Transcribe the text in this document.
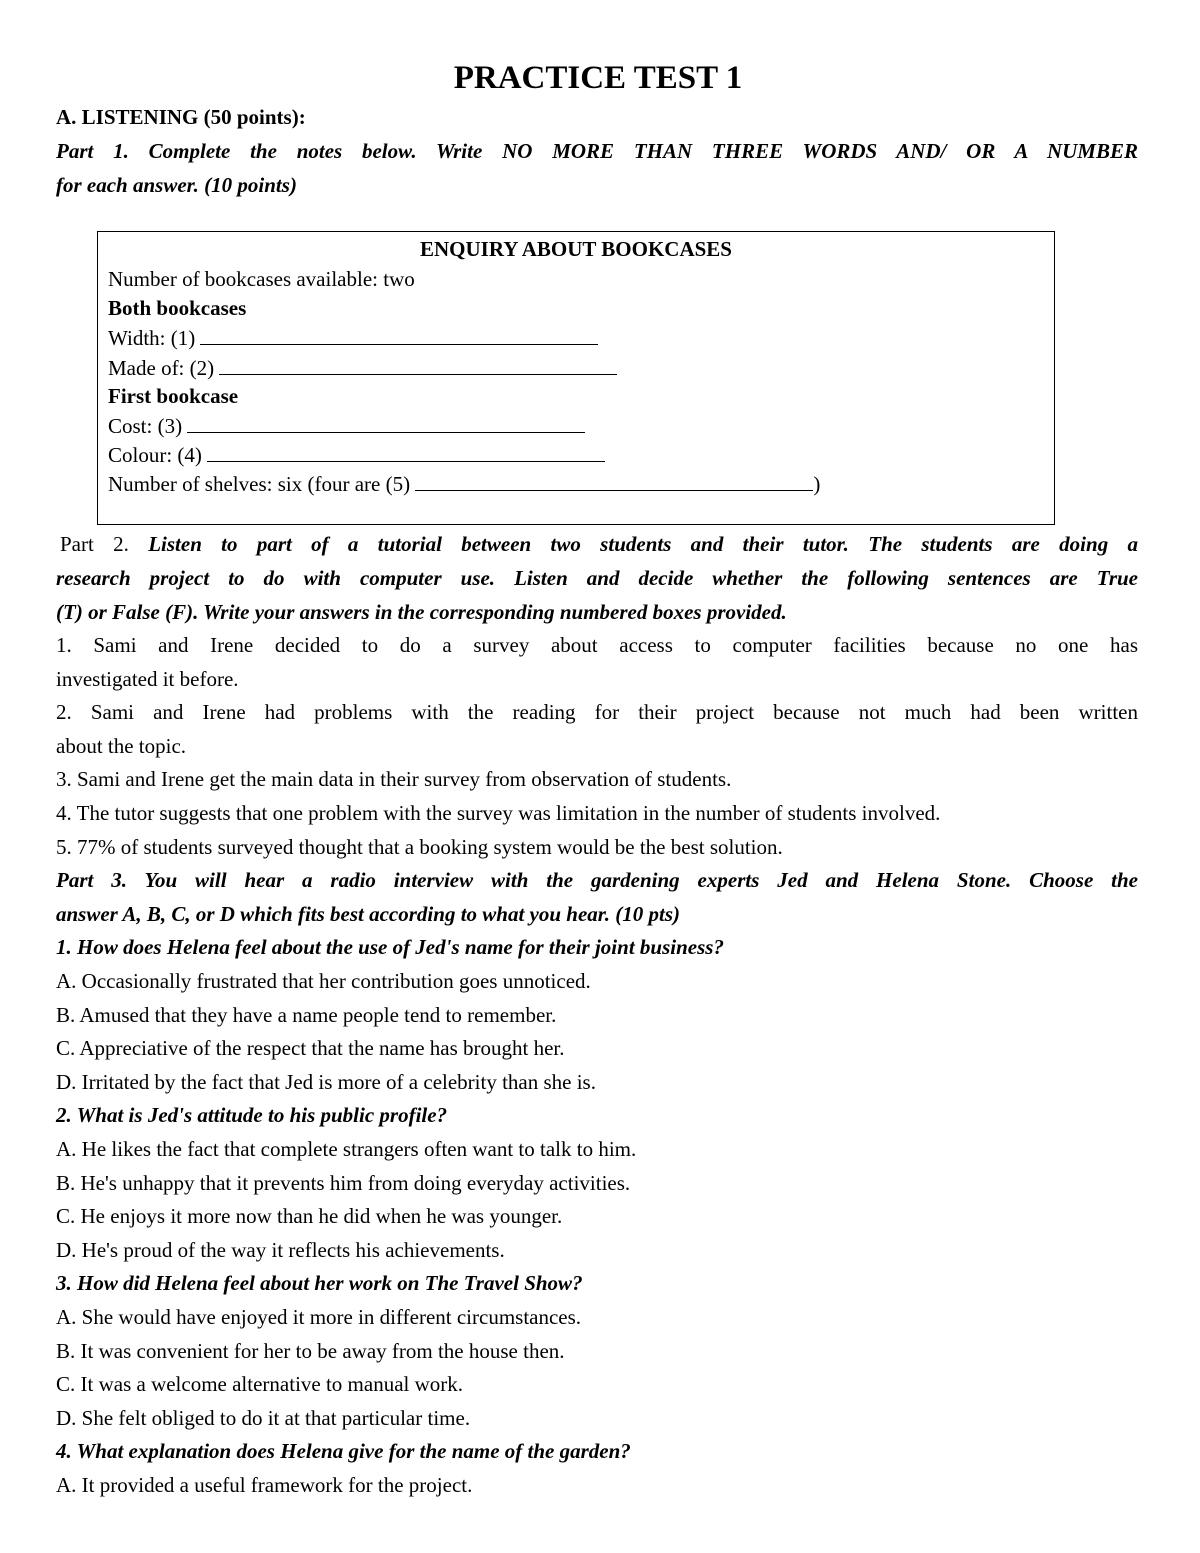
PRACTICE TEST 1
A. LISTENING (50 points):
Part 1. Complete the notes below. Write NO MORE THAN THREE WORDS AND/ OR A NUMBER
for each answer. (10 points)
ENQUIRY ABOUT BOOKCASES
Number of bookcases available: two
Both bookcases
Width: (1)
Made of: (2)
First bookcase
Cost: (3)
Colour: (4)
Number of shelves: six (four are (5)	)
Part 2. Listen to part of a tutorial between two students and their tutor. The students are doing a
research project to do with computer use. Listen and decide whether the following sentences are True
(T) or False (F). Write your answers in the corresponding numbered boxes provided.
1. Sami and Irene decided to do a survey about access to computer facilities because no one has
investigated it before.
2. Sami and Irene had problems with the reading for their project because not much had been written
about the topic.
3. Sami and Irene get the main data in their survey from observation of students.
4. The tutor suggests that one problem with the survey was limitation in the number of students involved.
5. 77% of students surveyed thought that a booking system would be the best solution.
Part 3. You will hear a radio interview with the gardening experts Jed and Helena Stone. Choose the
answer A, B, C, or D which fits best according to what you hear. (10 pts)
1. How does Helena feel about the use of Jed's name for their joint business?
A. Occasionally frustrated that her contribution goes unnoticed.
B. Amused that they have a name people tend to remember.
C. Appreciative of the respect that the name has brought her.
D. Irritated by the fact that Jed is more of a celebrity than she is.
2. What is Jed's attitude to his public profile?
A. He likes the fact that complete strangers often want to talk to him.
B. He's unhappy that it prevents him from doing everyday activities.
C. He enjoys it more now than he did when he was younger.
D. He's proud of the way it reflects his achievements.
3. How did Helena feel about her work on The Travel Show?
A. She would have enjoyed it more in different circumstances.
B. It was convenient for her to be away from the house then.
C. It was a welcome alternative to manual work.
D. She felt obliged to do it at that particular time.
4. What explanation does Helena give for the name of the garden?
A. It provided a useful framework for the project.
